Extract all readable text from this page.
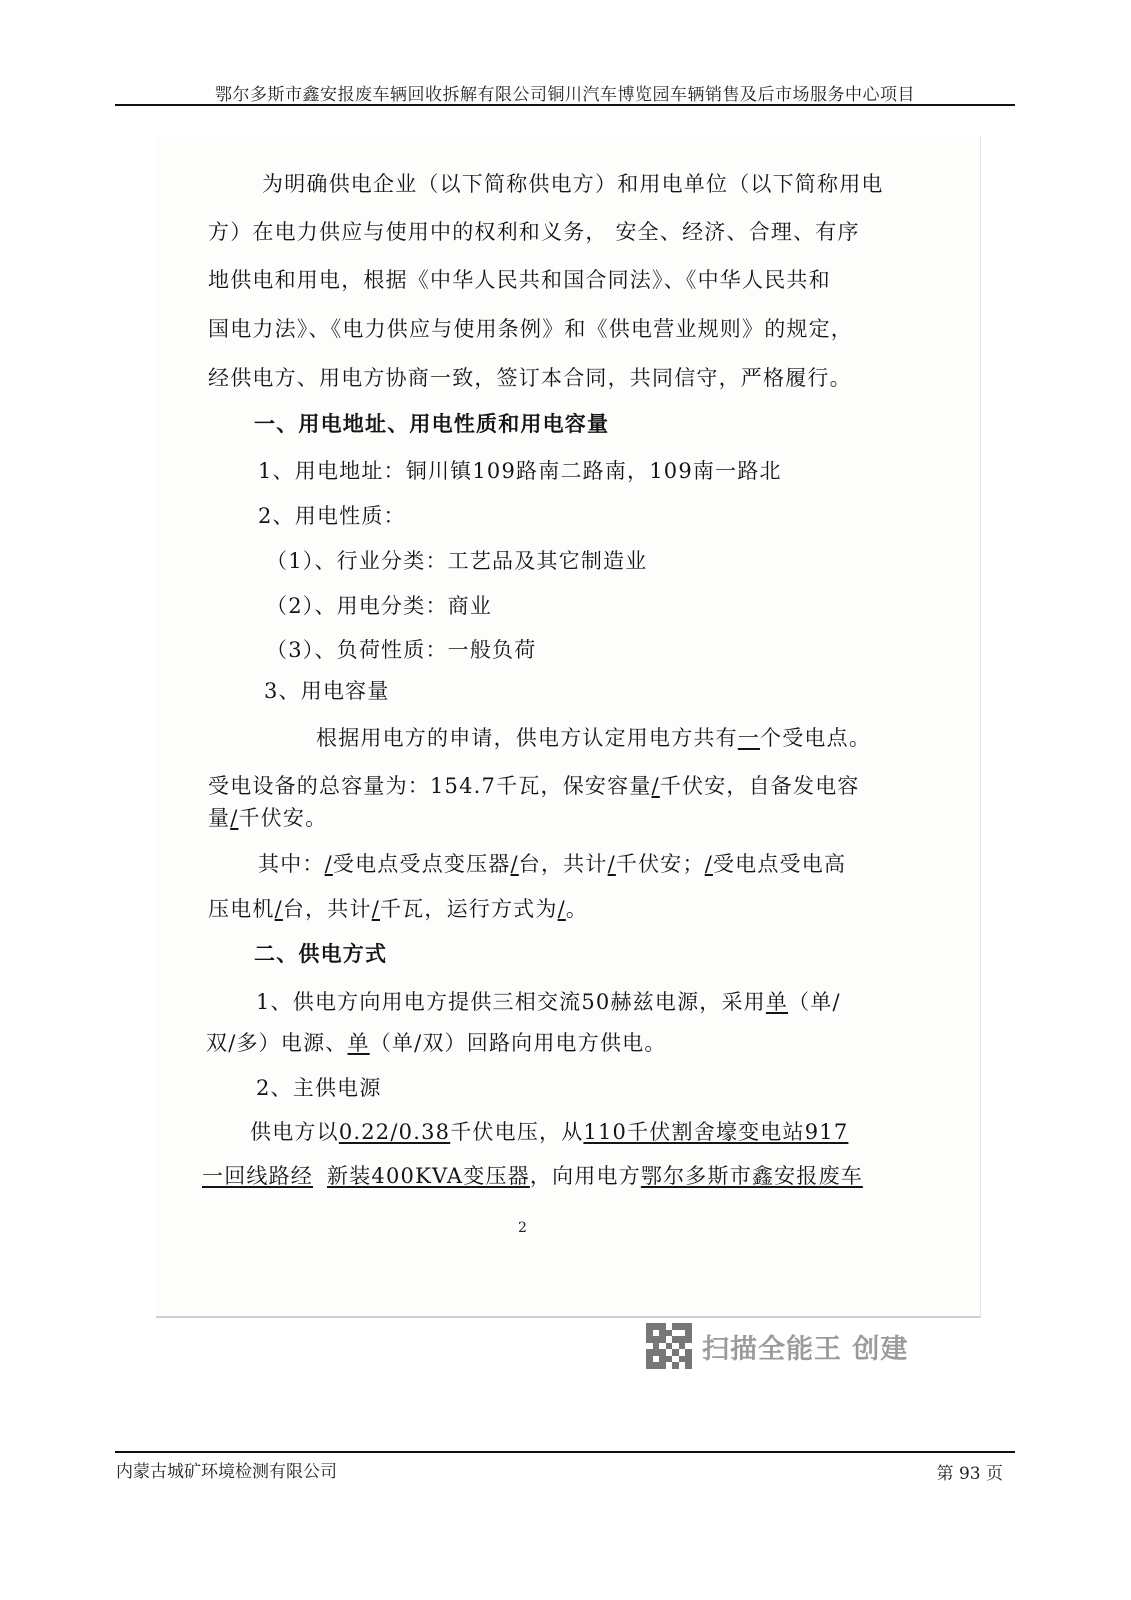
鄂尔多斯市鑫安报废车辆回收拆解有限公司铜川汽车博览园车辆销售及后市场服务中心项目
为明确供电企业（以下简称供电方）和用电单位（以下简称用电
方）在电力供应与使用中的权利和义务， 安全、经济、合理、有序
地供电和用电，根据《中华人民共和国合同法》、《中华人民共和
国电力法》、《电力供应与使用条例》和《供电营业规则》的规定，
经供电方、用电方协商一致，签订本合同，共同信守，严格履行。
一、用电地址、用电性质和用电容量
1、用电地址：铜川镇109路南二路南，109南一路北
2、用电性质：
（1）、行业分类：工艺品及其它制造业
（2）、用电分类：商业
（3）、负荷性质：一般负荷
3、用电容量
根据用电方的申请，供电方认定用电方共有一个受电点。
受电设备的总容量为：154.7千瓦，保安容量/千伏安，自备发电容
量/千伏安。
其中：/受电点受点变压器/台，共计/千伏安；/受电点受电高
压电机/台，共计/千瓦，运行方式为/。
二、供电方式
1、供电方向用电方提供三相交流50赫兹电源，采用单（单/
双/多）电源、单（单/双）回路向用电方供电。
2、主供电源
供电方以0.22/0.38千伏电压，从110千伏割舍壕变电站917
一回线路经 新装400KVA变压器，向用电方鄂尔多斯市鑫安报废车
2
扫描全能王 创建
内蒙古城矿环境检测有限公司	第 93 页
